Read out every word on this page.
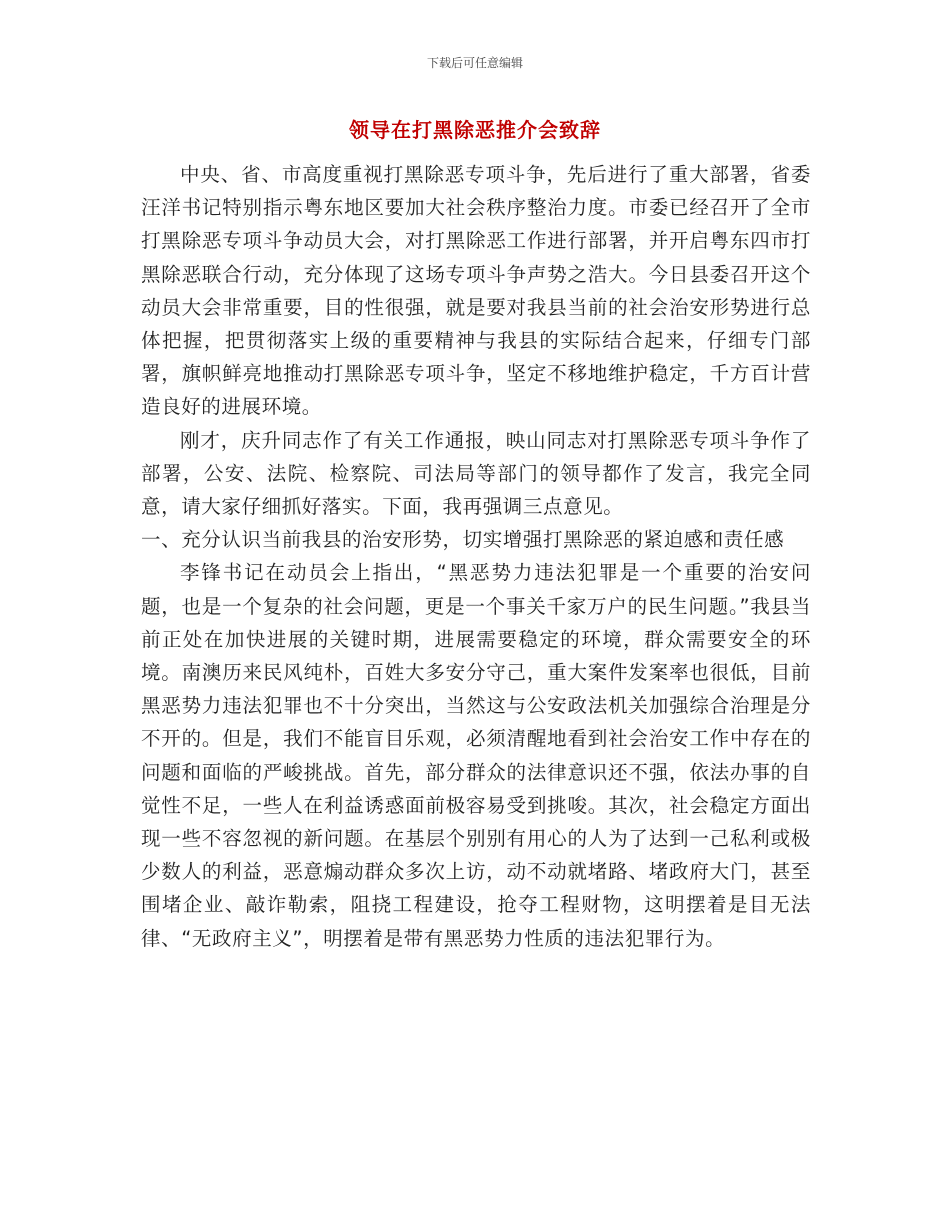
下载后可任意编辑
领导在打黑除恶推介会致辞

中央、省、市高度重视打黑除恶专项斗争，先后进行了重大部署，省委汪洋书记特别指示粤东地区要加大社会秩序整治力度。市委已经召开了全市打黑除恶专项斗争动员大会，对打黑除恶工作进行部署，并开启粤东四市打黑除恶联合行动，充分体现了这场专项斗争声势之浩大。今日县委召开这个动员大会非常重要，目的性很强，就是要对我县当前的社会治安形势进行总体把握，把贯彻落实上级的重要精神与我县的实际结合起来，仔细专门部署，旗帜鲜亮地推动打黑除恶专项斗争，坚定不移地维护稳定，千方百计营造良好的进展环境。

刚才，庆升同志作了有关工作通报，映山同志对打黑除恶专项斗争作了部署，公安、法院、检察院、司法局等部门的领导都作了发言，我完全同意，请大家仔细抓好落实。下面，我再强调三点意见。

一、充分认识当前我县的治安形势，切实增强打黑除恶的紧迫感和责任感

李锋书记在动员会上指出，“黑恶势力违法犯罪是一个重要的治安问题，也是一个复杂的社会问题，更是一个事关千家万户的民生问题。”我县当前正处在加快进展的关键时期，进展需要稳定的环境，群众需要安全的环境。南澳历来民风纯朴，百姓大多安分守己，重大案件发案率也很低，目前黑恶势力违法犯罪也不十分突出，当然这与公安政法机关加强综合治理是分不开的。但是，我们不能盲目乐观，必须清醒地看到社会治安工作中存在的问题和面临的严峻挑战。首先，部分群众的法律意识还不强，依法办事的自觉性不足，一些人在利益诱惑面前极容易受到挑唆。其次，社会稳定方面出现一些不容忽视的新问题。在基层个别别有用心的人为了达到一己私利或极少数人的利益，恶意煽动群众多次上访，动不动就堵路、堵政府大门，甚至围堵企业、敲诈勒索，阻挠工程建设，抢夺工程财物，这明摆着是目无法律、“无政府主义”，明摆着是带有黑恶势力性质的违法犯罪行为。
